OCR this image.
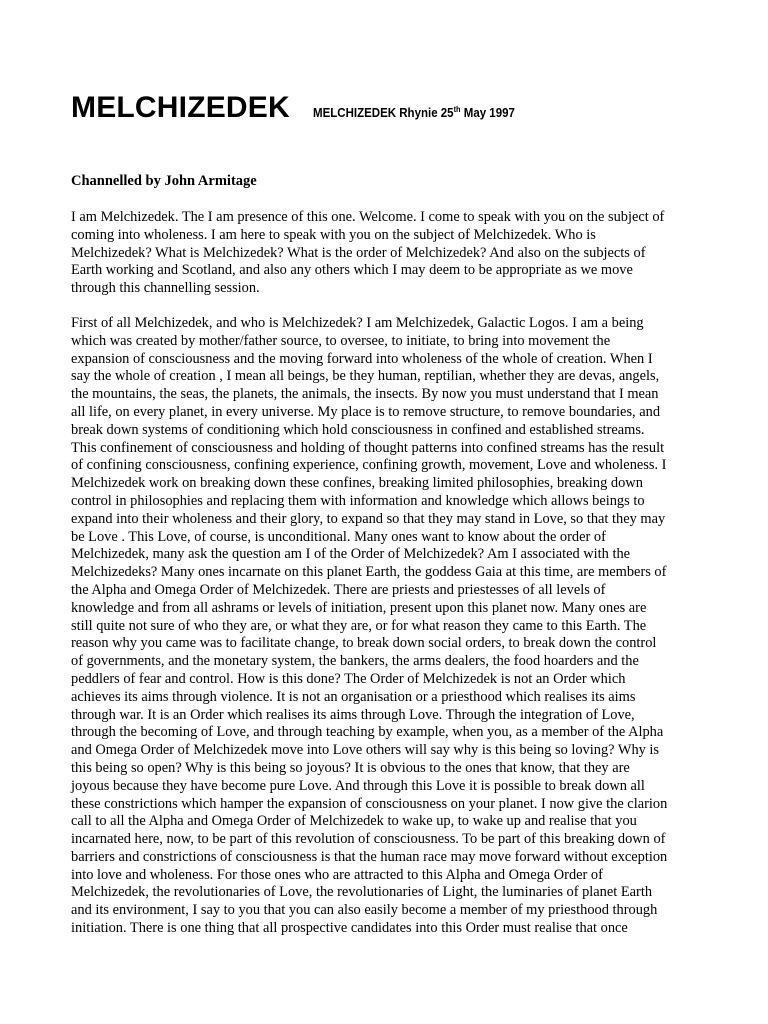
MELCHIZEDEK MELCHIZEDEK Rhynie 25th May 1997
Channelled by John Armitage

I am Melchizedek. The I am presence of this one. Welcome. I come to speak with you on the subject of
coming into wholeness. I am here to speak with you on the subject of Melchizedek. Who is
Melchizedek? What is Melchizedek? What is the order of Melchizedek? And also on the subjects of
Earth working and Scotland, and also any others which I may deem to be appropriate as we move
through this channelling session.

First of all Melchizedek, and who is Melchizedek? I am Melchizedek, Galactic Logos. I am a being
which was created by mother/father source, to oversee, to initiate, to bring into movement the
expansion of consciousness and the moving forward into wholeness of the whole of creation. When I
say the whole of creation , I mean all beings, be they human, reptilian, whether they are devas, angels,
the mountains, the seas, the planets, the animals, the insects. By now you must understand that I mean
all life, on every planet, in every universe. My place is to remove structure, to remove boundaries, and
break down systems of conditioning which hold consciousness in confined and established streams.
This confinement of consciousness and holding of thought patterns into confined streams has the result
of confining consciousness, confining experience, confining growth, movement, Love and wholeness. I
Melchizedek work on breaking down these confines, breaking limited philosophies, breaking down
control in philosophies and replacing them with information and knowledge which allows beings to
expand into their wholeness and their glory, to expand so that they may stand in Love, so that they may
be Love . This Love, of course, is unconditional. Many ones want to know about the order of
Melchizedek, many ask the question am I of the Order of Melchizedek? Am I associated with the
Melchizedeks? Many ones incarnate on this planet Earth, the goddess Gaia at this time, are members of
the Alpha and Omega Order of Melchizedek. There are priests and priestesses of all levels of
knowledge and from all ashrams or levels of initiation, present upon this planet now. Many ones are
still quite not sure of who they are, or what they are, or for what reason they came to this Earth. The
reason why you came was to facilitate change, to break down social orders, to break down the control
of governments, and the monetary system, the bankers, the arms dealers, the food hoarders and the
peddlers of fear and control. How is this done? The Order of Melchizedek is not an Order which
achieves its aims through violence. It is not an organisation or a priesthood which realises its aims
through war. It is an Order which realises its aims through Love. Through the integration of Love,
through the becoming of Love, and through teaching by example, when you, as a member of the Alpha
and Omega Order of Melchizedek move into Love others will say why is this being so loving? Why is
this being so open? Why is this being so joyous? It is obvious to the ones that know, that they are
joyous because they have become pure Love. And through this Love it is possible to break down all
these constrictions which hamper the expansion of consciousness on your planet. I now give the clarion
call to all the Alpha and Omega Order of Melchizedek to wake up, to wake up and realise that you
incarnated here, now, to be part of this revolution of consciousness. To be part of this breaking down of
barriers and constrictions of consciousness is that the human race may move forward without exception
into love and wholeness. For those ones who are attracted to this Alpha and Omega Order of
Melchizedek, the revolutionaries of Love, the revolutionaries of Light, the luminaries of planet Earth
and its environment, I say to you that you can also easily become a member of my priesthood through
initiation. There is one thing that all prospective candidates into this Order must realise that once
